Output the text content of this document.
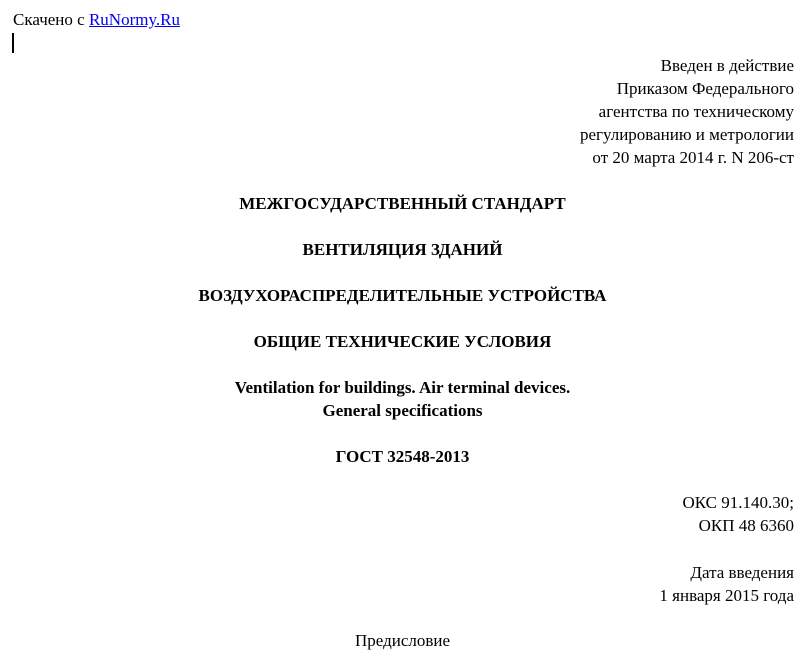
Скачено с RuNormy.Ru
Введен в действие
Приказом Федерального
агентства по техническому
регулированию и метрологии
от 20 марта 2014 г. N 206-ст
МЕЖГОСУДАРСТВЕННЫЙ СТАНДАРТ
ВЕНТИЛЯЦИЯ ЗДАНИЙ
ВОЗДУХОРАСПРЕДЕЛИТЕЛЬНЫЕ УСТРОЙСТВА
ОБЩИЕ ТЕХНИЧЕСКИЕ УСЛОВИЯ
Ventilation for buildings. Air terminal devices.
General specifications
ГОСТ 32548-2013
ОКС 91.140.30;
ОКП 48 6360
Дата введения
1 января 2015 года
Предисловие
